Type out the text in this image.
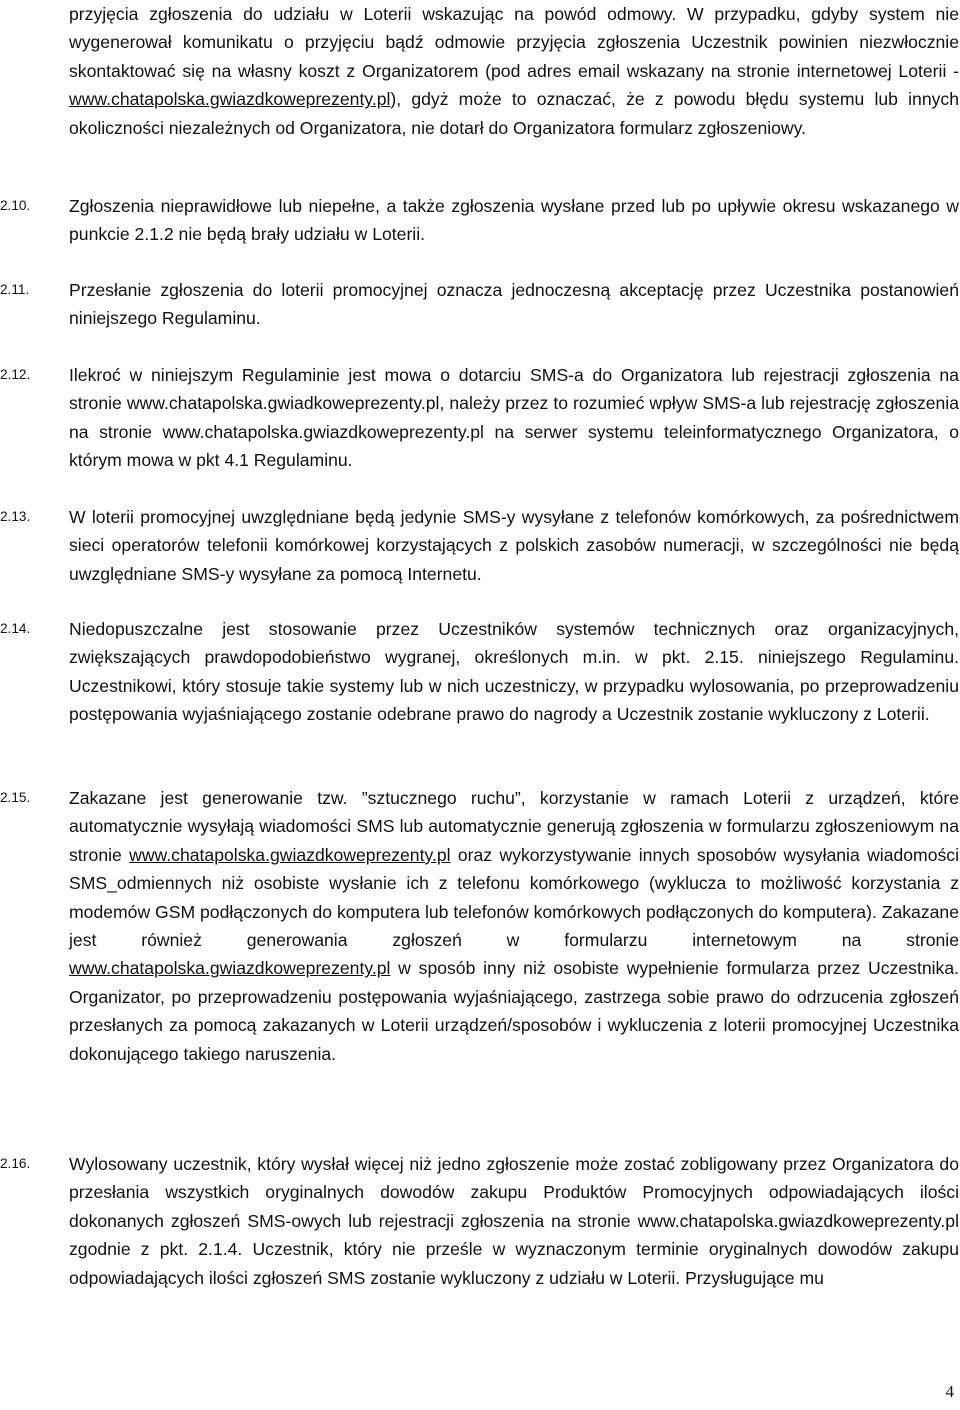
przyjęcia zgłoszenia do udziału w Loterii wskazując na powód odmowy. W przypadku, gdyby system nie wygenerował komunikatu o przyjęciu bądź odmowie przyjęcia zgłoszenia Uczestnik powinien niezwłocznie skontaktować się na własny koszt z Organizatorem (pod adres email wskazany na stronie internetowej Loterii - www.chatapolska.gwiazdkoweprezenty.pl), gdyż może to oznaczać, że z powodu błędu systemu lub innych okoliczności niezależnych od Organizatora, nie dotarł do Organizatora formularz zgłoszeniowy.
2.10.	Zgłoszenia nieprawidłowe lub niepełne, a także zgłoszenia wysłane przed lub po upływie okresu wskazanego w punkcie 2.1.2 nie będą brały udziału w Loterii.
2.11.	Przesłanie zgłoszenia do loterii promocyjnej oznacza jednoczesną akceptację przez Uczestnika postanowień niniejszego Regulaminu.
2.12.	Ilekroć w niniejszym Regulaminie jest mowa o dotarciu SMS-a do Organizatora lub rejestracji zgłoszenia na stronie www.chatapolska.gwiadkoweprezenty.pl, należy przez to rozumieć wpływ SMS-a lub rejestrację zgłoszenia na stronie www.chatapolska.gwiazdkoweprezenty.pl na serwer systemu teleinformatycznego Organizatora, o którym mowa w pkt 4.1 Regulaminu.
2.13.	W loterii promocyjnej uwzględniane będą jedynie SMS-y wysyłane z telefonów komórkowych, za pośrednictwem sieci operatorów telefonii komórkowej korzystających z polskich zasobów numeracji, w szczególności nie będą uwzględniane SMS-y wysyłane za pomocą Internetu.
2.14.	Niedopuszczalne jest stosowanie przez Uczestników systemów technicznych oraz organizacyjnych, zwiększających prawdopodobieństwo wygranej, określonych m.in. w pkt. 2.15. niniejszego Regulaminu. Uczestnikowi, który stosuje takie systemy lub w nich uczestniczy, w przypadku wylosowania, po przeprowadzeniu postępowania wyjaśniającego zostanie odebrane prawo do nagrody a Uczestnik zostanie wykluczony z Loterii.
2.15.	Zakazane jest generowanie tzw. ”sztucznego ruchu”, korzystanie w ramach Loterii z urządzeń, które automatycznie wysyłają wiadomości SMS lub automatycznie generują zgłoszenia w formularzu zgłoszeniowym na stronie www.chatapolska.gwiazdkoweprezenty.pl oraz wykorzystywanie innych sposobów wysyłania wiadomości SMS_odmiennych niż osobiste wysłanie ich z telefonu komórkowego (wyklucza to możliwość korzystania z modemów GSM podłączonych do komputera lub telefonów komórkowych podłączonych do komputera). Zakazane jest również generowania zgłoszeń w formularzu internetowym na stronie www.chatapolska.gwiazdkoweprezenty.pl w sposób inny niż osobiste wypełnienie formularza przez Uczestnika. Organizator, po przeprowadzeniu postępowania wyjaśniającego, zastrzega sobie prawo do odrzucenia zgłoszeń przesłanych za pomocą zakazanych w Loterii urządzeń/sposobów i wykluczenia z loterii promocyjnej Uczestnika dokonującego takiego naruszenia.
2.16.	Wylosowany uczestnik, który wysłał więcej niż jedno zgłoszenie może zostać zobligowany przez Organizatora do przesłania wszystkich oryginalnych dowodów zakupu Produktów Promocyjnych odpowiadających ilości dokonanych zgłoszeń SMS-owych lub rejestracji zgłoszenia na stronie www.chatapolska.gwiazdkoweprezenty.pl zgodnie z pkt. 2.1.4. Uczestnik, który nie prześle w wyznaczonym terminie oryginalnych dowodów zakupu odpowiadających ilości zgłoszeń SMS zostanie wykluczony z udziału w Loterii. Przysługujące mu
4
